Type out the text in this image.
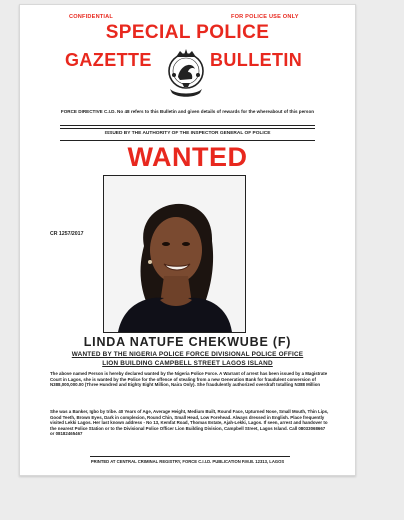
CONFIDENTIAL	FOR POLICE USE ONLY

SPECIAL POLICE

GAZETTE	BULLETIN

FORCE DIRECTIVE C.I.D. No 48 refers to this Bulletin and given details of rewards for the whereabout of this person

ISSUED BY THE AUTHORITY OF THE INSPECTOR GENERAL OF POLICE

WANTED

CR 1257/2017

LINDA NATUFE CHEKWUBE (F)

WANTED BY THE NIGERIA POLICE FORCE DIVISIONAL POLICE OFFICE

LION BUILDING CAMPBELL STREET LAGOS ISLAND

The above named Person is hereby declared wanted by the Nigeria Police Force. A Warrant of arrest has been issued by a Magistrate Court in Lagos, she is wanted by the Police for the offence of stealing from a new Generation Bank for fraudulent conversion of N388,000,000.00 (Three Hundred and Eighty Eight Million, Naira Only). She fraudulently authorized overdraft totalling N388 Million

She was a Banker, Igbo by tribe. 40 Years of Age, Average Height, Medium Built, Round Face, Upturned Nose, Small Mouth, Thin Lips, Good Teeth, Brown Eyes, Dark in complexion, Round Chin, Small Head, Low Forehead. Always dressed in English. Place frequently visited Lekki Lagos. Her last known address - No 13, Kemfat Road, Thomas Estate, Ajah-Lekki, Lagos. If seen, arrest and handover to the nearest Police Station or to the Divisional Police Officer Lion Building Division, Campbell Street, Lagos Island. Call 08033068667 or 08182465467

PRINTED AT CENTRAL CRIMINAL REGISTRY, FORCE C.I.I.D. PUBLICATION P.M.B. 12313, LAGOS
